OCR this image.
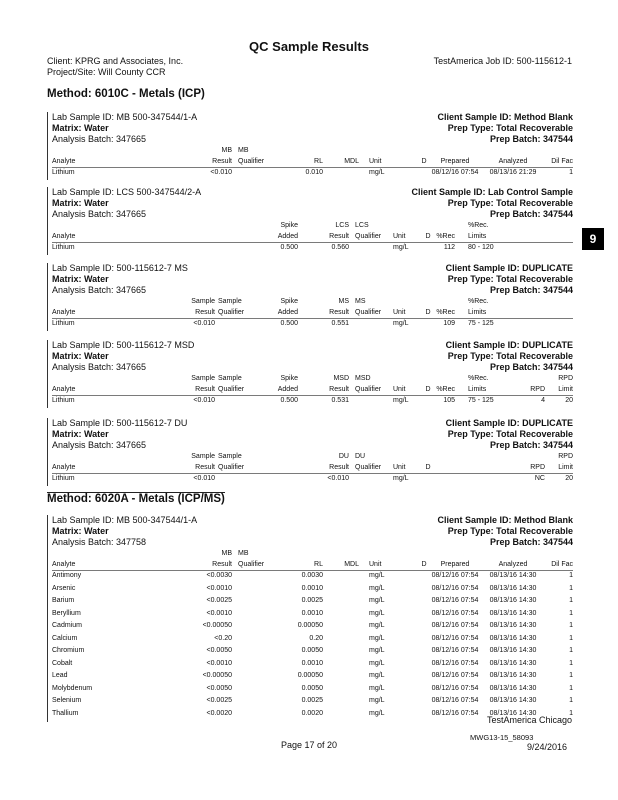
QC Sample Results
Client: KPRG and Associates, Inc.
Project/Site: Will County CCR
TestAmerica Job ID: 500-115612-1
Method: 6010C - Metals (ICP)
Method: 6020A - Metals (ICP/MS)
9
Lab Sample ID: MB 500-347544/1-A	Client Sample ID: Method Blank
Matrix: Water	Prep Type: Total Recoverable
Analysis Batch: 347665	Prep Batch: 347544
MB MB
Analyte	Result Qualifier	RL	MDL Unit	D	Prepared	Analyzed	Dil Fac
Lithium	<0.010	0.010	mg/L	08/12/16 07:54	08/13/16 21:29	1
Lab Sample ID: LCS 500-347544/2-A	Client Sample ID: Lab Control Sample
Matrix: Water	Prep Type: Total Recoverable
Analysis Batch: 347665	Prep Batch: 347544
Spike	LCS LCS	%Rec.
Analyte	Added	Result Qualifier Unit	D %Rec Limits
Lithium	0.500	0.560	mg/L	112 80 - 120
Lab Sample ID: 500-115612-7 MS	Client Sample ID: DUPLICATE
Matrix: Water	Prep Type: Total Recoverable
Analysis Batch: 347665	Prep Batch: 347544
Sample Sample	Spike	MS MS	%Rec.
Analyte	Result Qualifier	Added	Result Qualifier Unit	D %Rec Limits
Lithium	<0.010	0.500	0.551	mg/L	109 75 - 125
Lab Sample ID: 500-115612-7 MSD	Client Sample ID: DUPLICATE
Matrix: Water	Prep Type: Total Recoverable
Analysis Batch: 347665	Prep Batch: 347544
Sample Sample	Spike	MSD MSD	%Rec.	RPD
Analyte	Result Qualifier	Added	Result Qualifier Unit	D %Rec Limits	RPD Limit
Lithium	<0.010	0.500	0.531	mg/L	105 75 - 125	4	20
Lab Sample ID: 500-115612-7 DU	Client Sample ID: DUPLICATE
Matrix: Water	Prep Type: Total Recoverable
Analysis Batch: 347665	Prep Batch: 347544
Sample Sample	DU DU	RPD
Analyte	Result Qualifier	Result Qualifier Unit	D	RPD Limit
Lithium	<0.010	<0.010	mg/L	NC	20
Lab Sample ID: MB 500-347544/1-A	Client Sample ID: Method Blank
Matrix: Water	Prep Type: Total Recoverable
Analysis Batch: 347758	Prep Batch: 347544
MB MB
Analyte	Result Qualifier	RL	MDL Unit	D	Prepared	Analyzed	Dil Fac
Antimony	<0.0030	0.0030	mg/L	08/12/16 07:54	08/13/16 14:30	1
Arsenic	<0.0010	0.0010	mg/L	08/12/16 07:54	08/13/16 14:30	1
Barium	<0.0025	0.0025	mg/L	08/12/16 07:54	08/13/16 14:30	1
Beryllium	<0.0010	0.0010	mg/L	08/12/16 07:54	08/13/16 14:30	1
Cadmium	<0.00050	0.00050	mg/L	08/12/16 07:54	08/13/16 14:30	1
Calcium	<0.20	0.20	mg/L	08/12/16 07:54	08/13/16 14:30	1
Chromium	<0.0050	0.0050	mg/L	08/12/16 07:54	08/13/16 14:30	1
Cobalt	<0.0010	0.0010	mg/L	08/12/16 07:54	08/13/16 14:30	1
Lead	<0.00050	0.00050	mg/L	08/12/16 07:54	08/13/16 14:30	1
Molybdenum	<0.0050	0.0050	mg/L	08/12/16 07:54	08/13/16 14:30	1
Selenium	<0.0025	0.0025	mg/L	08/12/16 07:54	08/13/16 14:30	1
Thallium	<0.0020	0.0020	mg/L	08/12/16 07:54	08/13/16 14:30	1
TestAmerica Chicago
Page 17 of 20
MWG13-15_58093
9/24/2016
